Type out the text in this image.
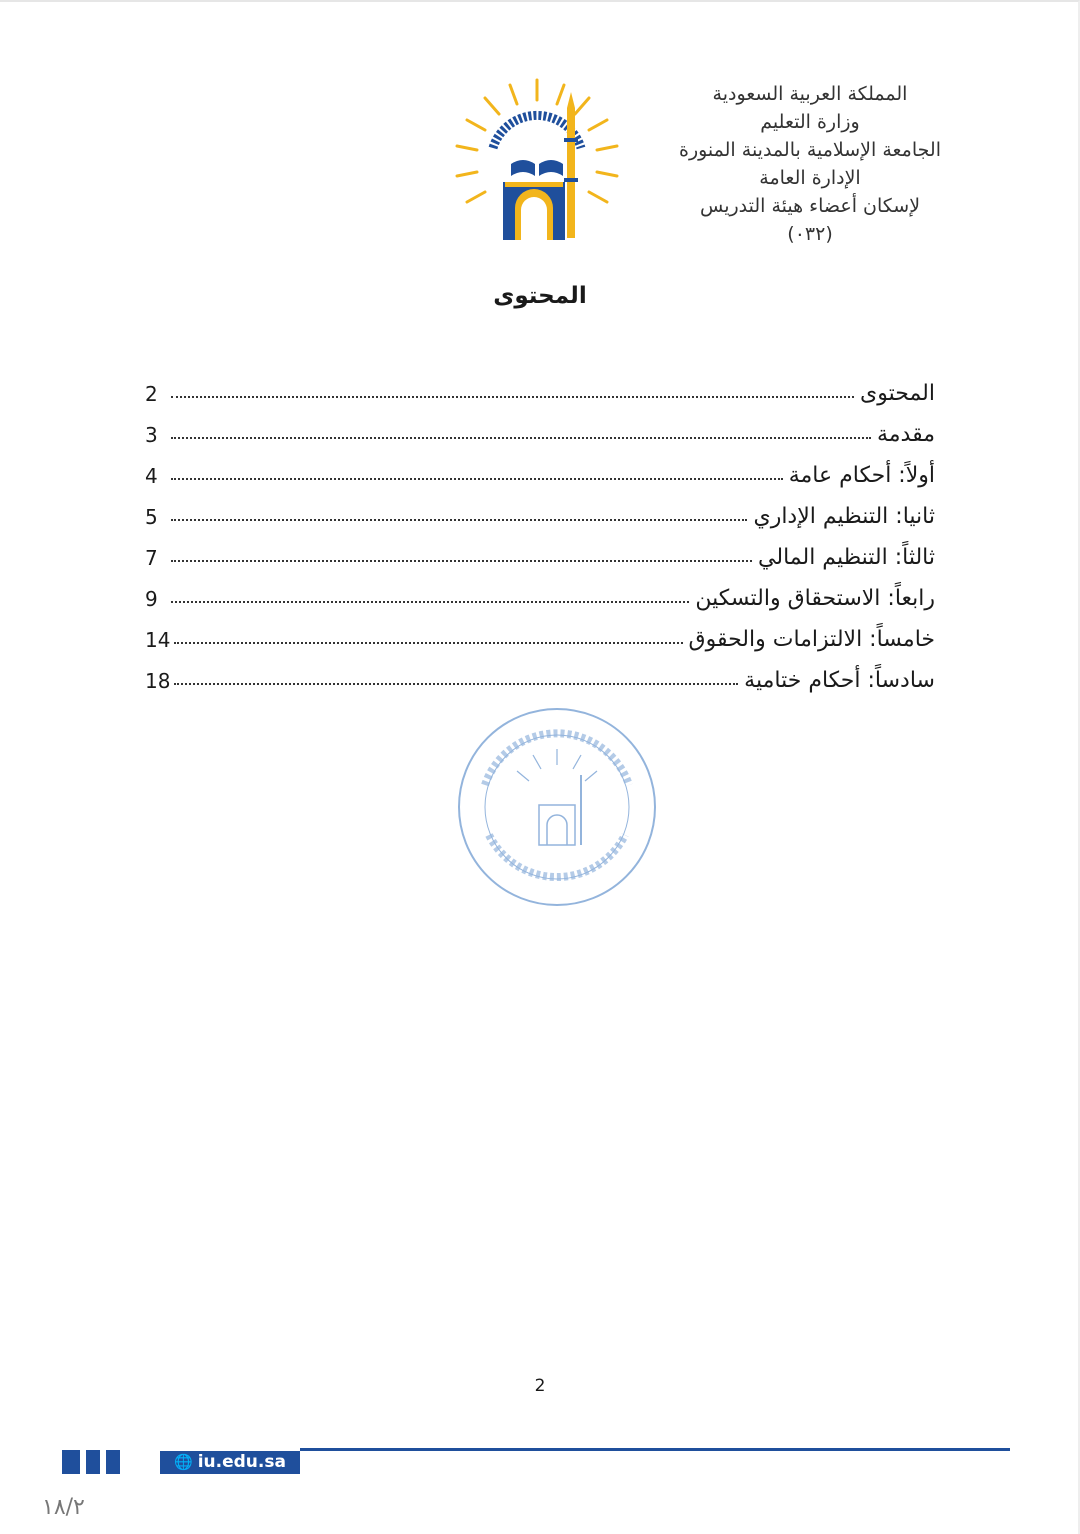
المملكة العربية السعودية
وزارة التعليم
الجامعة الإسلامية بالمدينة المنورة
الإدارة العامة
لإسكان أعضاء هيئة التدريس
(٠٣٢)
المحتوى
المحتوى
2
مقدمة
3
أولاً: أحكام عامة
4
ثانيا: التنظيم الإداري
5
ثالثاً: التنظيم المالي
7
رابعاً: الاستحقاق والتسكين
9
خامساً: الالتزامات والحقوق
14
سادساً: أحكام ختامية
18
2
🌐 iu.edu.sa
١٨/٢
